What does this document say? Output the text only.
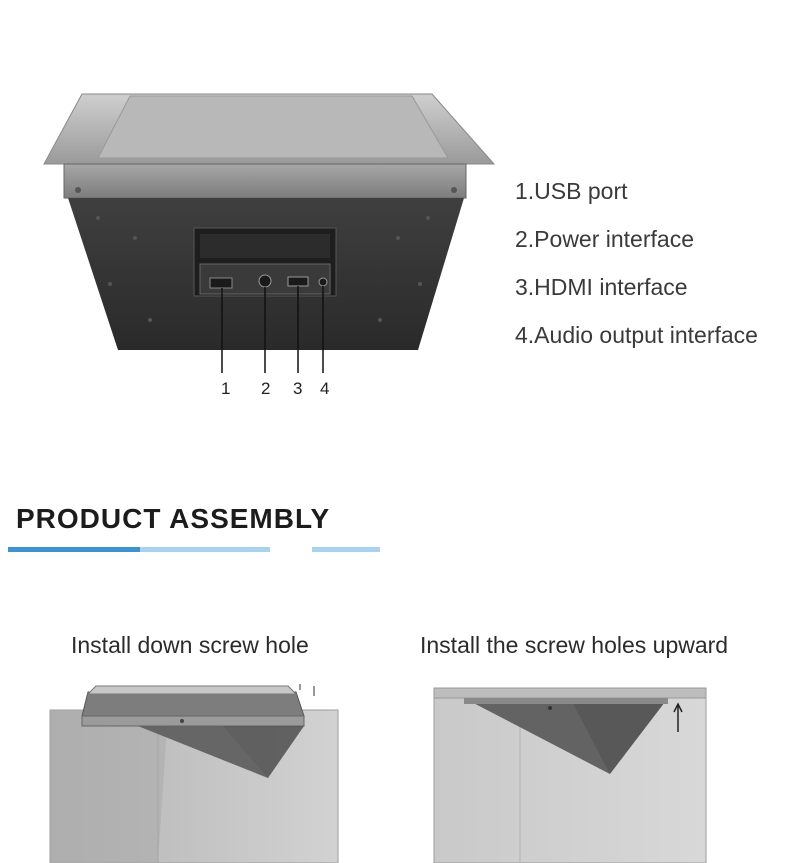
1 2 3 4
1.USB port
2.Power interface
3.HDMI interface
4.Audio output interface
PRODUCT ASSEMBLY
Install down screw hole	Install the screw holes upward
